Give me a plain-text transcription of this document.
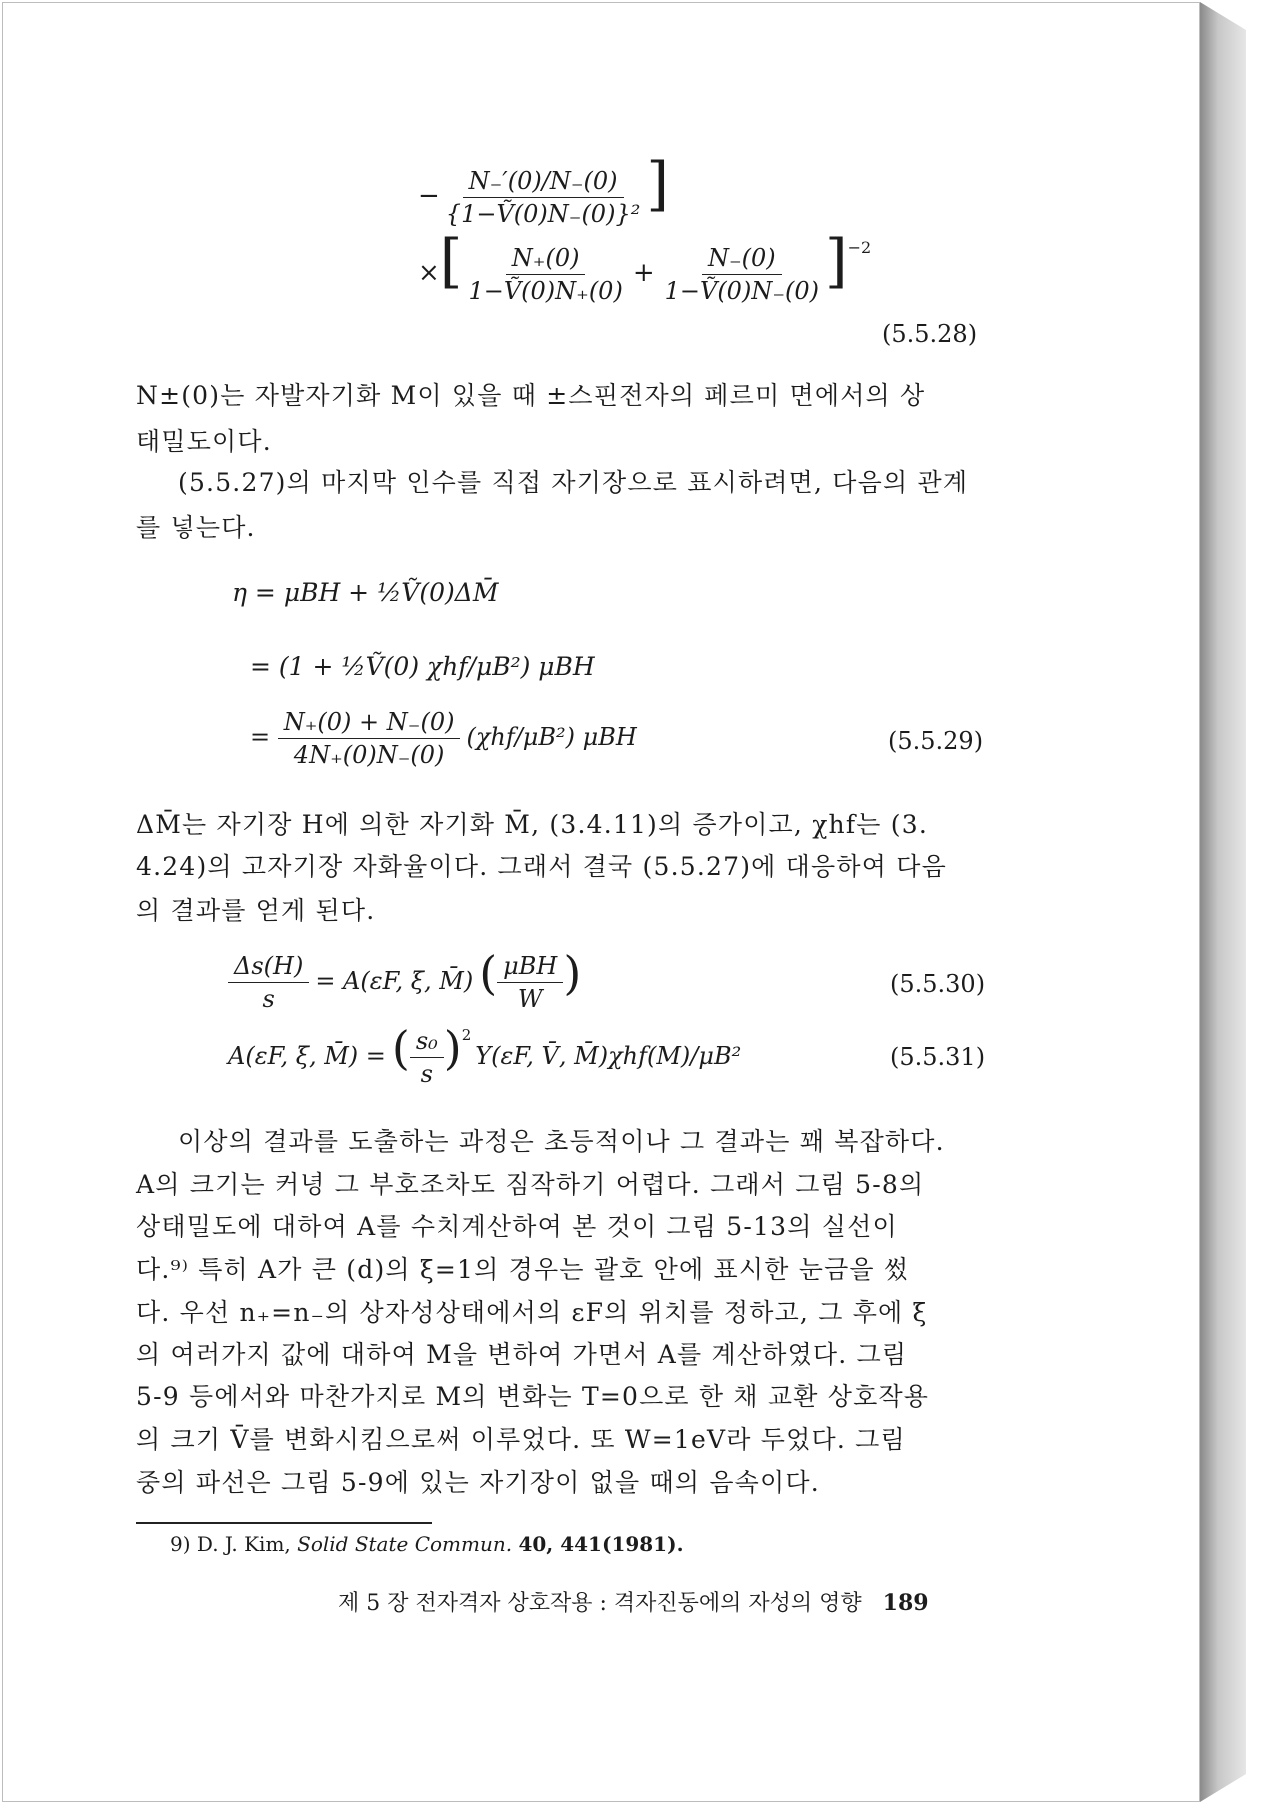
− $\frac{N_-'(0)/N_-(0)}{\text{\{1−Ṽ(0)N₋(0)\}²}}$ ]
×[ $\frac{N_+(0)}{\text{1−Ṽ(0)N₊(0)}} + \frac{N_-(0)}{\text{1−Ṽ(0)N₋(0)}} ]^{-2}$
(5.5.28)
N±(0)는 자발자기화 M이 있을 때 ±스핀전자의 페르미 면에서의 상
태밀도이다.
(5.5.27)의 마지막 인수를 직접 자기장으로 표시하려면, 다음의 관계
를 넣는다.
η = μBH + ½Ṽ(0)ΔM̄
= (1 + ½Ṽ(0) χhf/μB²) μBH
= $\frac{N_+(0) + N_-(0)}{4N_+(0)N_-(0)} (\chi hf/\mu B^2)$ μBH	(5.5.29)
ΔM̄는 자기장 H에 의한 자기화 M̄, (3.4.11)의 증가이고, χhf는 (3.
4.24)의 고자기장 자화율이다. 그래서 결국 (5.5.27)에 대응하여 다음
의 결과를 얻게 된다.
$\frac{\Delta s(H)}{s} = A(\varepsilon F$, ξ, M̄) ( $\frac{\text{μBH}}{W}$ )	(5.5.30)
A(εF, ξ, M̄) = ( $\frac{\text{s₀}}{s} )^2Y(\varepsilon F$, V̄, M̄)χhf(M)/μB²	(5.5.31)
이상의 결과를 도출하는 과정은 초등적이나 그 결과는 꽤 복잡하다.
A의 크기는 커녕 그 부호조차도 짐작하기 어렵다. 그래서 그림 5-8의
상태밀도에 대하여 A를 수치계산하여 본 것이 그림 5-13의 실선이
다.⁹⁾ 특히 A가 큰 (d)의 ξ=1의 경우는 괄호 안에 표시한 눈금을 썼
다. 우선 n₊=n₋의 상자성상태에서의 εF의 위치를 정하고, 그 후에 ξ
의 여러가지 값에 대하여 M을 변하여 가면서 A를 계산하였다. 그림
5-9 등에서와 마찬가지로 M의 변화는 T=0으로 한 채 교환 상호작용
의 크기 V̄를 변화시킴으로써 이루었다. 또 W=1eV라 두었다. 그림
중의 파선은 그림 5-9에 있는 자기장이 없을 때의 음속이다.
9) D. J. Kim, Solid State Commun. 40, 441(1981).
제 5 장 전자격자 상호작용 : 격자진동에의 자성의 영향 189
